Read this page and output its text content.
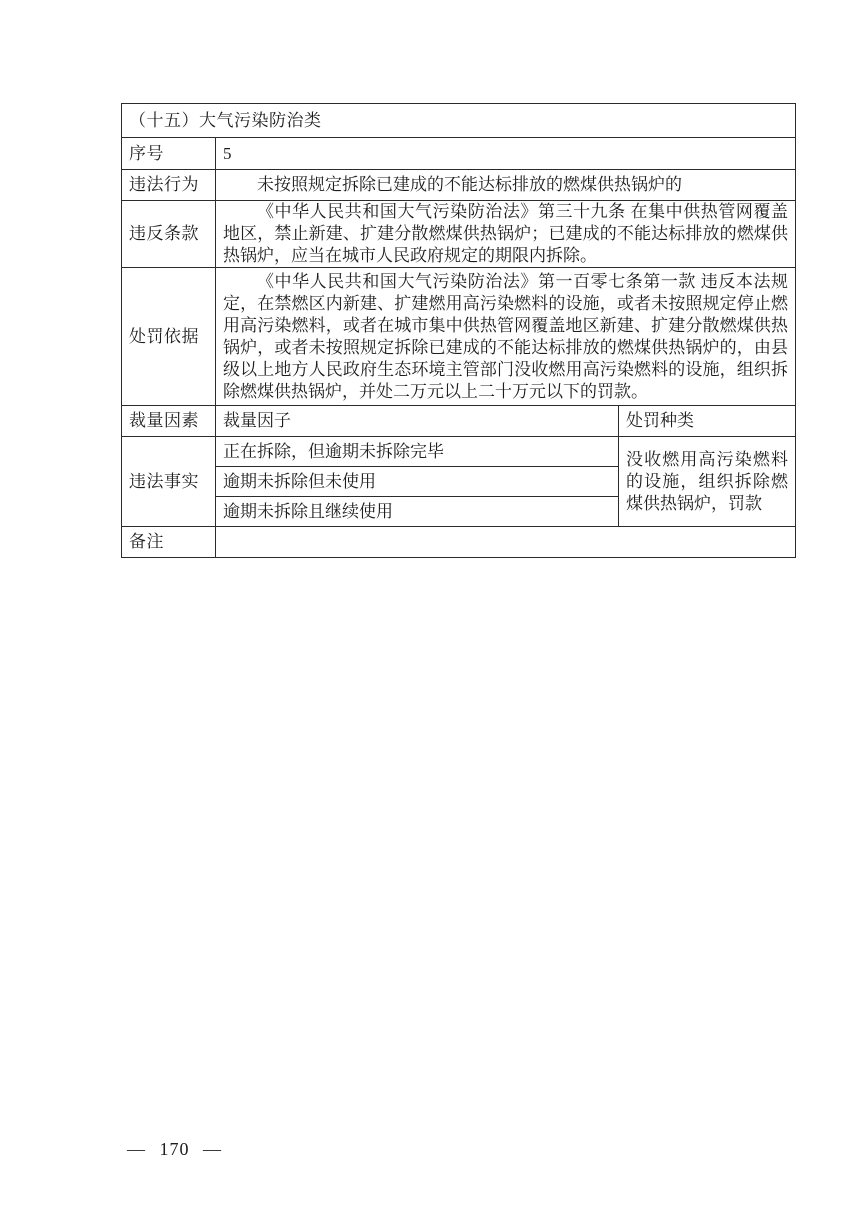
（十五）大气污染防治类		
序号	5	
违法行为	未按照规定拆除已建成的不能达标排放的燃煤供热锅炉的	
违反条款	《中华人民共和国大气污染防治法》第三十九条 在集中供热管网覆盖地区，禁止新建、扩建分散燃煤供热锅炉；已建成的不能达标排放的燃煤供热锅炉，应当在城市人民政府规定的期限内拆除。	
处罚依据	《中华人民共和国大气污染防治法》第一百零七条第一款 违反本法规定，在禁燃区内新建、扩建燃用高污染燃料的设施，或者未按照规定停止燃用高污染燃料，或者在城市集中供热管网覆盖地区新建、扩建分散燃煤供热锅炉，或者未按照规定拆除已建成的不能达标排放的燃煤供热锅炉的，由县级以上地方人民政府生态环境主管部门没收燃用高污染燃料的设施，组织拆除燃煤供热锅炉，并处二万元以上二十万元以下的罚款。	
裁量因素	裁量因子	处罚种类
违法事实	正在拆除，但逾期未拆除完毕	没收燃用高污染燃料的设施，组织拆除燃煤供热锅炉，罚款
	逾期未拆除但未使用	
	逾期未拆除且继续使用	
备注		
— 170 —
